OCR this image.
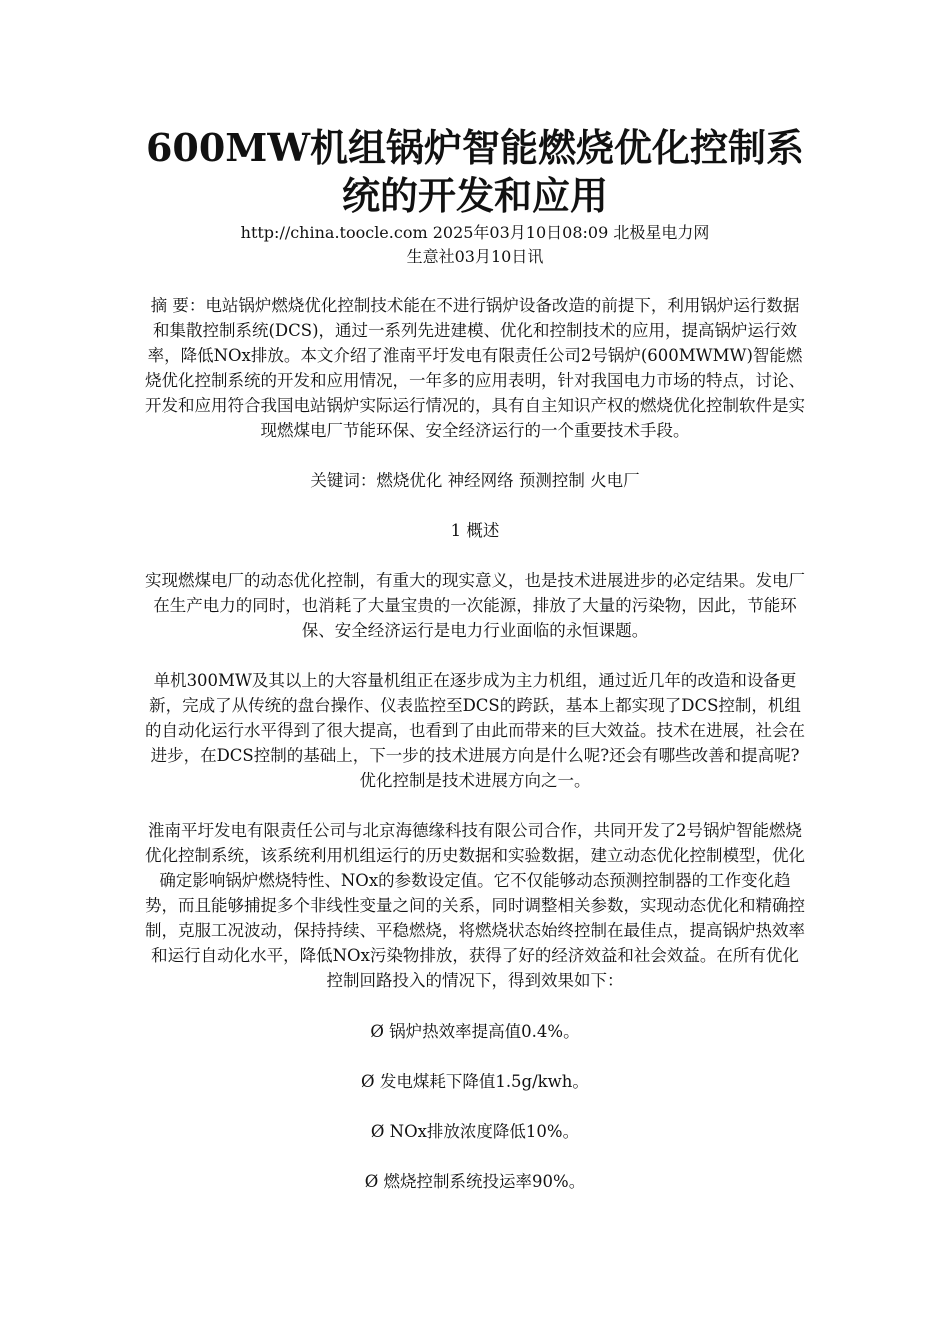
600MW机组锅炉智能燃烧优化控制系统的开发和应用
http://china.toocle.com 2025年03月10日08:09 北极星电力网
生意社03月10日讯

摘 要：电站锅炉燃烧优化控制技术能在不进行锅炉设备改造的前提下，利用锅炉运行数据和集散控制系统(DCS)，通过一系列先进建模、优化和控制技术的应用，提高锅炉运行效率，降低NOx排放。本文介绍了淮南平圩发电有限责任公司2号锅炉(600MWMW)智能燃烧优化控制系统的开发和应用情况，一年多的应用表明，针对我国电力市场的特点，讨论、开发和应用符合我国电站锅炉实际运行情况的，具有自主知识产权的燃烧优化控制软件是实现燃煤电厂节能环保、安全经济运行的一个重要技术手段。

关键词：燃烧优化 神经网络 预测控制 火电厂

1 概述

实现燃煤电厂的动态优化控制，有重大的现实意义，也是技术进展进步的必定结果。发电厂在生产电力的同时，也消耗了大量宝贵的一次能源，排放了大量的污染物，因此，节能环保、安全经济运行是电力行业面临的永恒课题。

单机300MW及其以上的大容量机组正在逐步成为主力机组，通过近几年的改造和设备更新，完成了从传统的盘台操作、仪表监控至DCS的跨跃，基本上都实现了DCS控制，机组的自动化运行水平得到了很大提高，也看到了由此而带来的巨大效益。技术在进展，社会在进步，在DCS控制的基础上，下一步的技术进展方向是什么呢?还会有哪些改善和提高呢?优化控制是技术进展方向之一。

淮南平圩发电有限责任公司与北京海德缘科技有限公司合作，共同开发了2号锅炉智能燃烧优化控制系统，该系统利用机组运行的历史数据和实验数据，建立动态优化控制模型，优化确定影响锅炉燃烧特性、NOx的参数设定值。它不仅能够动态预测控制器的工作变化趋势，而且能够捕捉多个非线性变量之间的关系，同时调整相关参数，实现动态优化和精确控制，克服工况波动，保持持续、平稳燃烧，将燃烧状态始终控制在最佳点，提高锅炉热效率和运行自动化水平，降低NOx污染物排放，获得了好的经济效益和社会效益。在所有优化控制回路投入的情况下，得到效果如下：

Ø 锅炉热效率提高值0.4%。

Ø 发电煤耗下降值1.5g/kwh。

Ø NOx排放浓度降低10%。

Ø 燃烧控制系统投运率90%。
